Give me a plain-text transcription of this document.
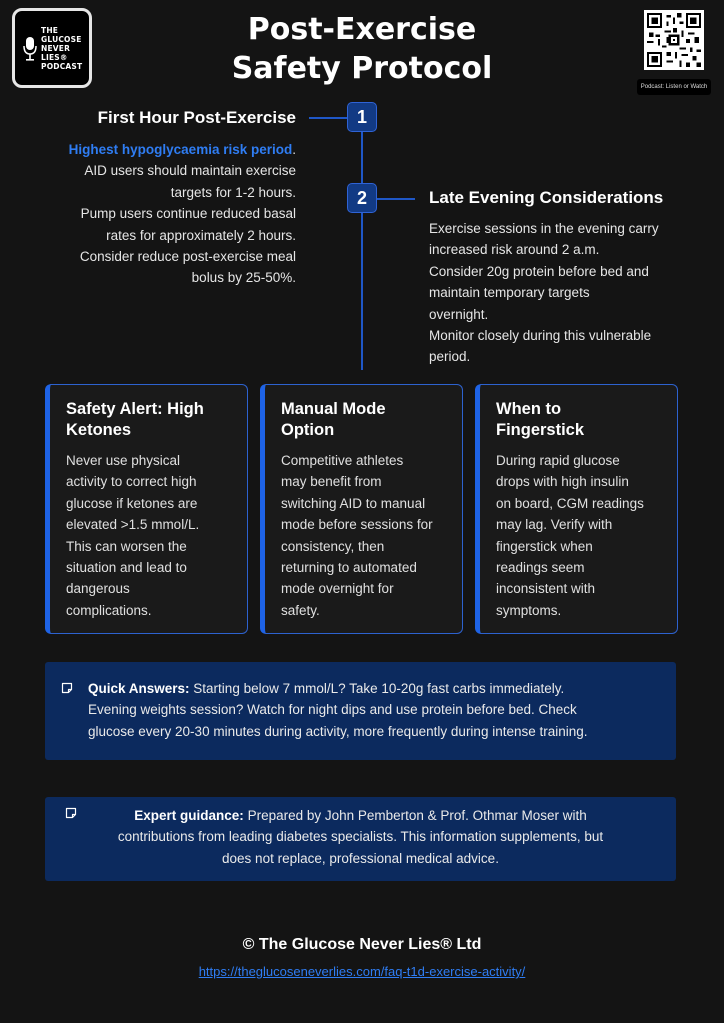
THE
GLUCOSE
NEVER
LIES®
PODCAST
Post-Exercise
Safety Protocol
Podcast: Listen or Watch
1
2
First Hour Post-Exercise
Highest hypoglycaemia risk period.
AID users should maintain exercise
targets for 1-2 hours.
Pump users continue reduced basal
rates for approximately 2 hours.
Consider reduce post-exercise meal
bolus by 25-50%.
Late Evening Considerations
Exercise sessions in the evening carry
increased risk around 2 a.m.
Consider 20g protein before bed and
maintain temporary targets
overnight.
Monitor closely during this vulnerable
period.
Safety Alert: High
Ketones
Never use physical
activity to correct high
glucose if ketones are
elevated >1.5 mmol/L.
This can worsen the
situation and lead to
dangerous
complications.
Manual Mode
Option
Competitive athletes
may benefit from
switching AID to manual
mode before sessions for
consistency, then
returning to automated
mode overnight for
safety.
When to
Fingerstick
During rapid glucose
drops with high insulin
on board, CGM readings
may lag. Verify with
fingerstick when
readings seem
inconsistent with
symptoms.
Quick Answers: Starting below 7 mmol/L? Take 10-20g fast carbs immediately.
Evening weights session? Watch for night dips and use protein before bed. Check
glucose every 20-30 minutes during activity, more frequently during intense training.
Expert guidance: Prepared by John Pemberton & Prof. Othmar Moser with
contributions from leading diabetes specialists. This information supplements, but
does not replace, professional medical advice.
© The Glucose Never Lies® Ltd
https://theglucoseneverlies.com/faq-t1d-exercise-activity/
